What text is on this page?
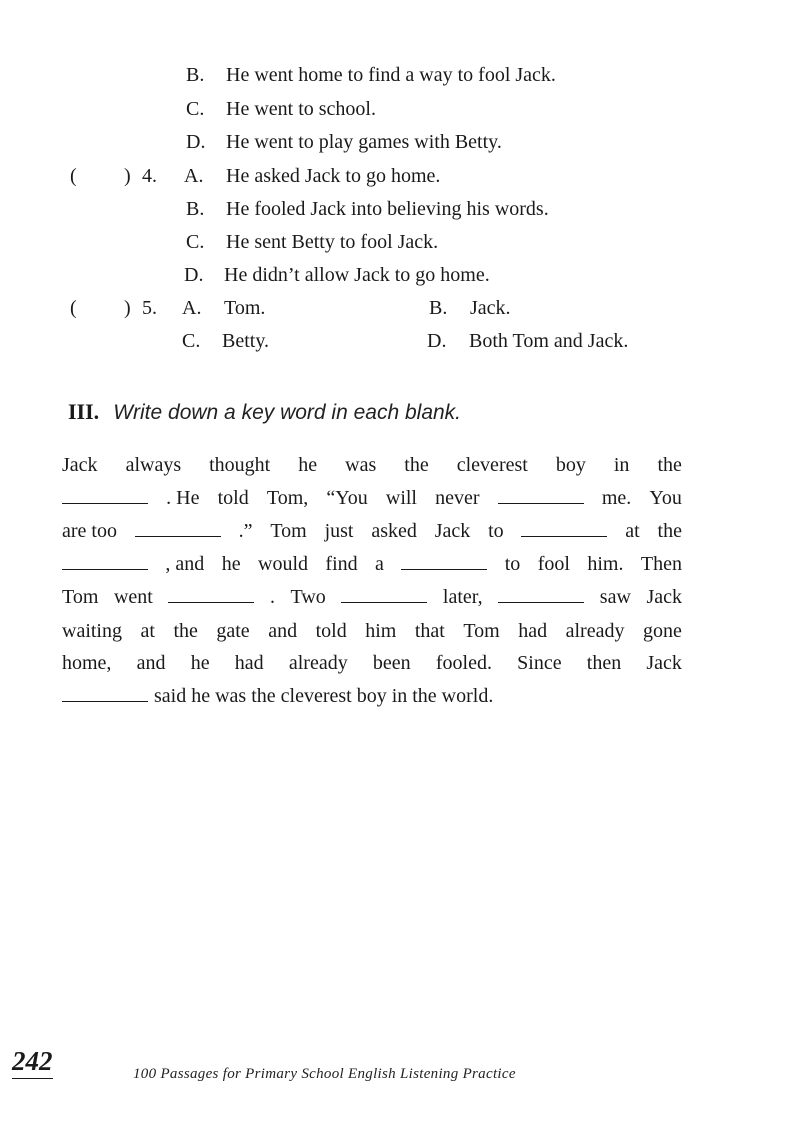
B. He went home to find a way to fool Jack.
C. He went to school.
D. He went to play games with Betty.
( ) 4. A. He asked Jack to go home.
B. He fooled Jack into believing his words.
C. He sent Betty to fool Jack.
D. He didn’t allow Jack to go home.
( ) 5. A. Tom.	B. Jack.
C. Betty.	D. Both Tom and Jack.
III. Write down a key word in each blank.
Jack always thought he was the cleverest boy in the
. He told Tom, “You will never	me. You
are too	.” Tom just asked Jack to	at the
, and he would find a	to fool him. Then
Tom went	. Two	later,	saw Jack
waiting at the gate and told him that Tom had already gone
home, and he had already been fooled. Since then Jack
said he was the cleverest boy in the world.
242	100 Passages for Primary School English Listening Practice
